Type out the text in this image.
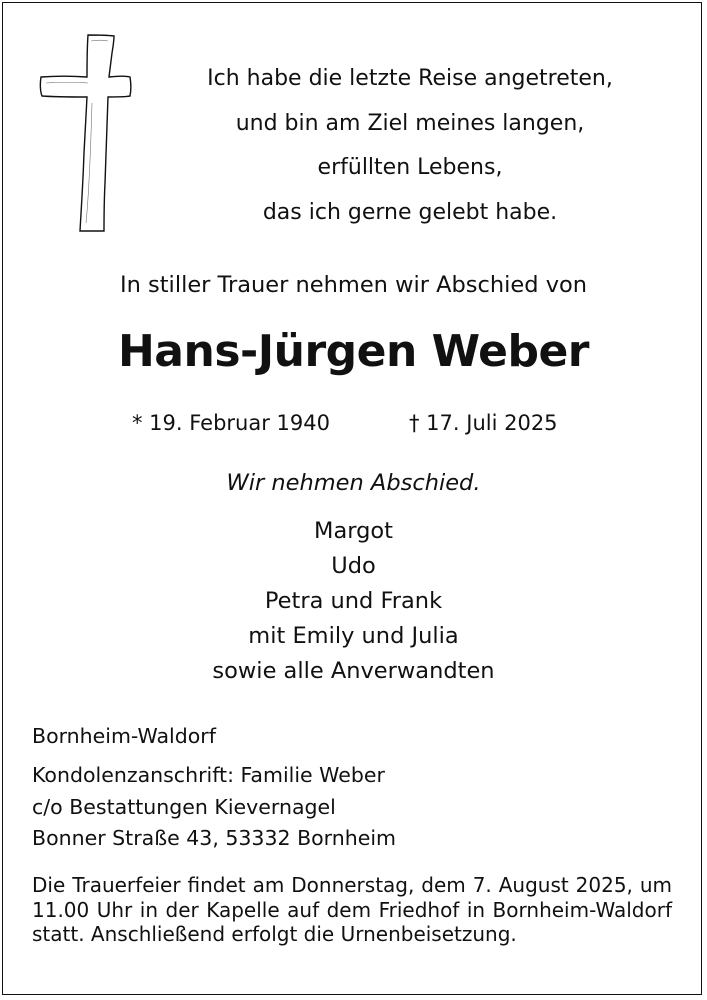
Ich habe die letzte Reise angetreten,
und bin am Ziel meines langen,
erfüllten Lebens,
das ich gerne gelebt habe.
In stiller Trauer nehmen wir Abschied von
Hans-Jürgen Weber
* 19. Februar 1940	† 17. Juli 2025
Wir nehmen Abschied.
Margot
Udo
Petra und Frank
mit Emily und Julia
sowie alle Anverwandten
Bornheim-Waldorf
Kondolenzanschrift: Familie Weber
c/o Bestattungen Kievernagel
Bonner Straße 43, 53332 Bornheim
Die Trauerfeier findet am Donnerstag, dem 7. August 2025, um 11.00 Uhr in der Kapelle auf dem Friedhof in Bornheim-Waldorf statt. Anschließend erfolgt die Urnenbeisetzung.
